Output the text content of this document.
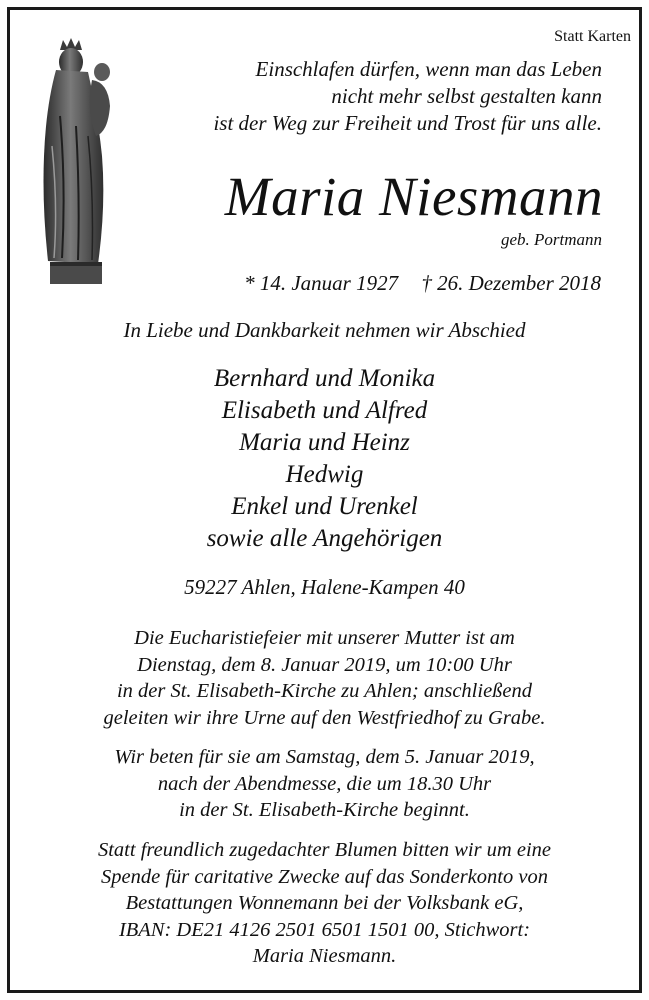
Statt Karten
Einschlafen dürfen, wenn man das Leben
nicht mehr selbst gestalten kann
ist der Weg zur Freiheit und Trost für uns alle.
Maria Niesmann
geb. Portmann
* 14. Januar 1927 † 26. Dezember 2018
In Liebe und Dankbarkeit nehmen wir Abschied
Bernhard und Monika
Elisabeth und Alfred
Maria und Heinz
Hedwig
Enkel und Urenkel
sowie alle Angehörigen
59227 Ahlen, Halene-Kampen 40
Die Eucharistiefeier mit unserer Mutter ist am
Dienstag, dem 8. Januar 2019, um 10:00 Uhr
in der St. Elisabeth-Kirche zu Ahlen; anschließend
geleiten wir ihre Urne auf den Westfriedhof zu Grabe.
Wir beten für sie am Samstag, dem 5. Januar 2019,
nach der Abendmesse, die um 18.30 Uhr
in der St. Elisabeth-Kirche beginnt.
Statt freundlich zugedachter Blumen bitten wir um eine
Spende für caritative Zwecke auf das Sonderkonto von
Bestattungen Wonnemann bei der Volksbank eG,
IBAN: DE21 4126 2501 6501 1501 00, Stichwort:
Maria Niesmann.
